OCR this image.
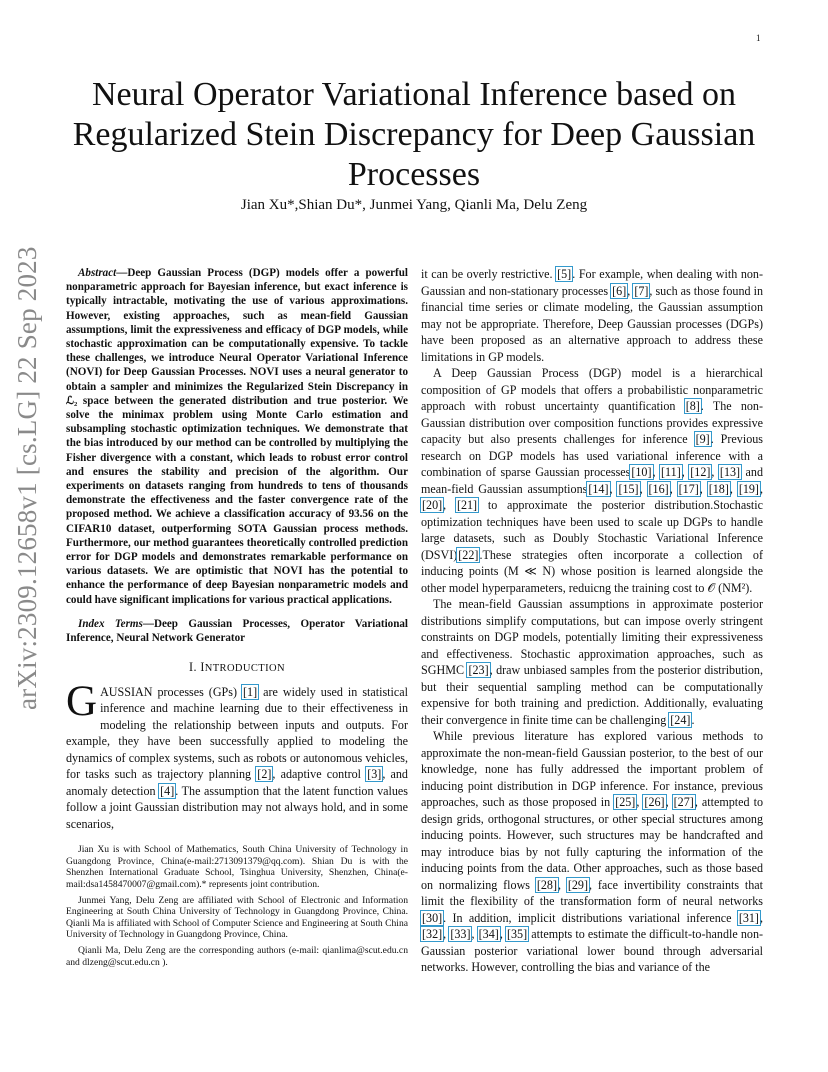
1
arXiv:2309.12658v1 [cs.LG] 22 Sep 2023
Neural Operator Variational Inference based on Regularized Stein Discrepancy for Deep Gaussian Processes
Jian Xu*,Shian Du*, Junmei Yang, Qianli Ma, Delu Zeng

Abstract—Deep Gaussian Process (DGP) models offer a powerful nonparametric approach for Bayesian inference, but exact inference is typically intractable, motivating the use of various approximations. However, existing approaches, such as mean-field Gaussian assumptions, limit the expressiveness and efficacy of DGP models, while stochastic approximation can be computationally expensive. To tackle these challenges, we introduce Neural Operator Variational Inference (NOVI) for Deep Gaussian Processes. NOVI uses a neural generator to obtain a sampler and minimizes the Regularized Stein Discrepancy in ℒ₂ space between the generated distribution and true posterior. We solve the minimax problem using Monte Carlo estimation and subsampling stochastic optimization techniques. We demonstrate that the bias introduced by our method can be controlled by multiplying the Fisher divergence with a constant, which leads to robust error control and ensures the stability and precision of the algorithm. Our experiments on datasets ranging from hundreds to tens of thousands demonstrate the effectiveness and the faster convergence rate of the proposed method. We achieve a classification accuracy of 93.56 on the CIFAR10 dataset, outperforming SOTA Gaussian process methods. Furthermore, our method guarantees theoretically controlled prediction error for DGP models and demonstrates remarkable performance on various datasets. We are optimistic that NOVI has the potential to enhance the performance of deep Bayesian nonparametric models and could have significant implications for various practical applications.

Index Terms—Deep Gaussian Processes, Operator Variational Inference, Neural Network Generator

I. INTRODUCTION

GAUSSIAN processes (GPs) [1] are widely used in statistical inference and machine learning due to their effectiveness in modeling the relationship between inputs and outputs. For example, they have been successfully applied to modeling the dynamics of complex systems, such as robots or autonomous vehicles, for tasks such as trajectory planning [2], adaptive control [3], and anomaly detection [4]. The assumption that the latent function values follow a joint Gaussian distribution may not always hold, and in some scenarios,

Jian Xu is with School of Mathematics, South China University of Technology in Guangdong Province, China(e-mail:2713091379@qq.com). Shian Du is with the Shenzhen International Graduate School, Tsinghua University, Shenzhen, China(e-mail:dsa1458470007@gmail.com).* represents joint contribution.

Junmei Yang, Delu Zeng are affiliated with School of Electronic and Information Engineering at South China University of Technology in Guangdong Province, China. Qianli Ma is affiliated with School of Computer Science and Engineering at South China University of Technology in Guangdong Province, China.

Qianli Ma, Delu Zeng are the corresponding authors (e-mail: qianlima@scut.edu.cn and dlzeng@scut.edu.cn ).

it can be overly restrictive. [5]. For example, when dealing with non-Gaussian and non-stationary processes [6], [7], such as those found in financial time series or climate modeling, the Gaussian assumption may not be appropriate. Therefore, Deep Gaussian processes (DGPs) have been proposed as an alternative approach to address these limitations in GP models.

A Deep Gaussian Process (DGP) model is a hierarchical composition of GP models that offers a probabilistic nonparametric approach with robust uncertainty quantification [8]. The non-Gaussian distribution over composition functions provides expressive capacity but also presents challenges for inference [9]. Previous research on DGP models has used variational inference with a combination of sparse Gaussian processes[10], [11], [12], [13] and mean-field Gaussian assumptions[14], [15], [16], [17], [18], [19], [20], [21] to approximate the posterior distribution.Stochastic optimization techniques have been used to scale up DGPs to handle large datasets, such as Doubly Stochastic Variational Inference (DSVI)[22].These strategies often incorporate a collection of inducing points (M ≪ N) whose position is learned alongside the other model hyperparameters, reduicng the training cost to 𝒪 (NM²).

The mean-field Gaussian assumptions in approximate posterior distributions simplify computations, but can impose overly stringent constraints on DGP models, potentially limiting their expressiveness and effectiveness. Stochastic approximation approaches, such as SGHMC [23], draw unbiased samples from the posterior distribution, but their sequential sampling method can be computationally expensive for both training and prediction. Additionally, evaluating their convergence in finite time can be challenging [24].

While previous literature has explored various methods to approximate the non-mean-field Gaussian posterior, to the best of our knowledge, none has fully addressed the important problem of inducing point distribution in DGP inference. For instance, previous approaches, such as those proposed in [25], [26], [27], attempted to design grids, orthogonal structures, or other special structures among inducing points. However, such structures may be handcrafted and may introduce bias by not fully capturing the information of the inducing points from the data. Other approaches, such as those based on normalizing flows [28], [29], face invertibility constraints that limit the flexibility of the transformation form of neural networks [30]. In addition, implicit distributions variational inference [31], [32], [33], [34], [35] attempts to estimate the difficult-to-handle non-Gaussian posterior variational lower bound through adversarial networks. However, controlling the bias and variance of the
